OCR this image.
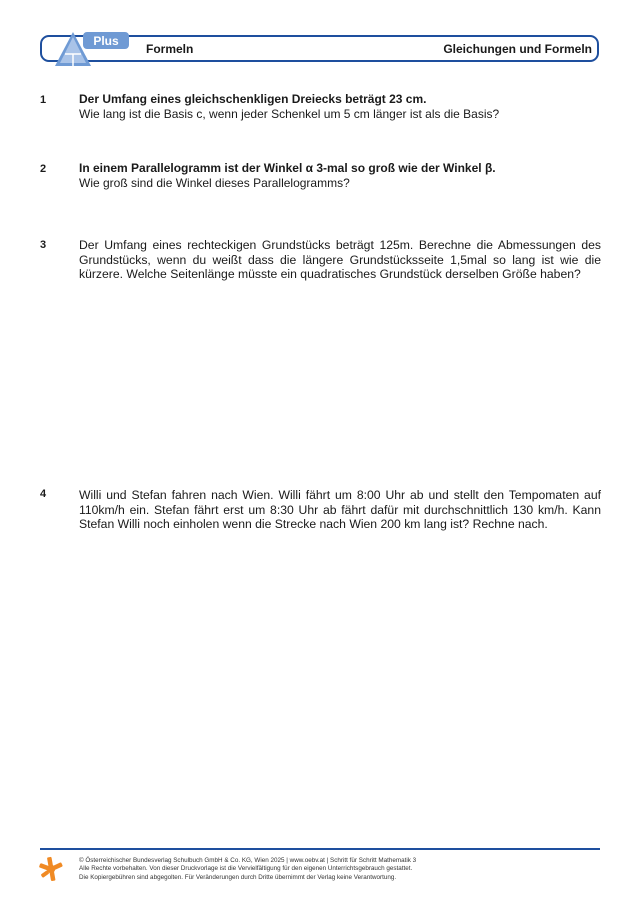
Plus
Formeln	Gleichungen und Formeln
1	Der Umfang eines gleichschenkligen Dreiecks beträgt 23 cm.
Wie lang ist die Basis c, wenn jeder Schenkel um 5 cm länger ist als die Basis?
2	In einem Parallelogramm ist der Winkel α 3-mal so groß wie der Winkel β.
Wie groß sind die Winkel dieses Parallelogramms?
3	Der Umfang eines rechteckigen Grundstücks beträgt 125m. Berechne die Abmessungen des Grundstücks, wenn du weißt dass die längere Grundstücksseite 1,5mal so lang ist wie die kürzere. Welche Seitenlänge müsste ein quadratisches Grundstück derselben Größe haben?
4	Willi und Stefan fahren nach Wien. Willi fährt um 8:00 Uhr ab und stellt den Tempomaten auf 110km/h ein. Stefan fährt erst um 8:30 Uhr ab fährt dafür mit durchschnittlich 130 km/h. Kann Stefan Willi noch einholen wenn die Strecke nach Wien 200 km lang ist? Rechne nach.
© Österreichischer Bundesverlag Schulbuch GmbH & Co. KG, Wien 2025 | www.oebv.at | Schritt für Schritt Mathematik 3
Alle Rechte vorbehalten. Von dieser Druckvorlage ist die Vervielfältigung für den eigenen Unterrichtsgebrauch gestattet.
Die Kopiergebühren sind abgegolten. Für Veränderungen durch Dritte übernimmt der Verlag keine Verantwortung.
